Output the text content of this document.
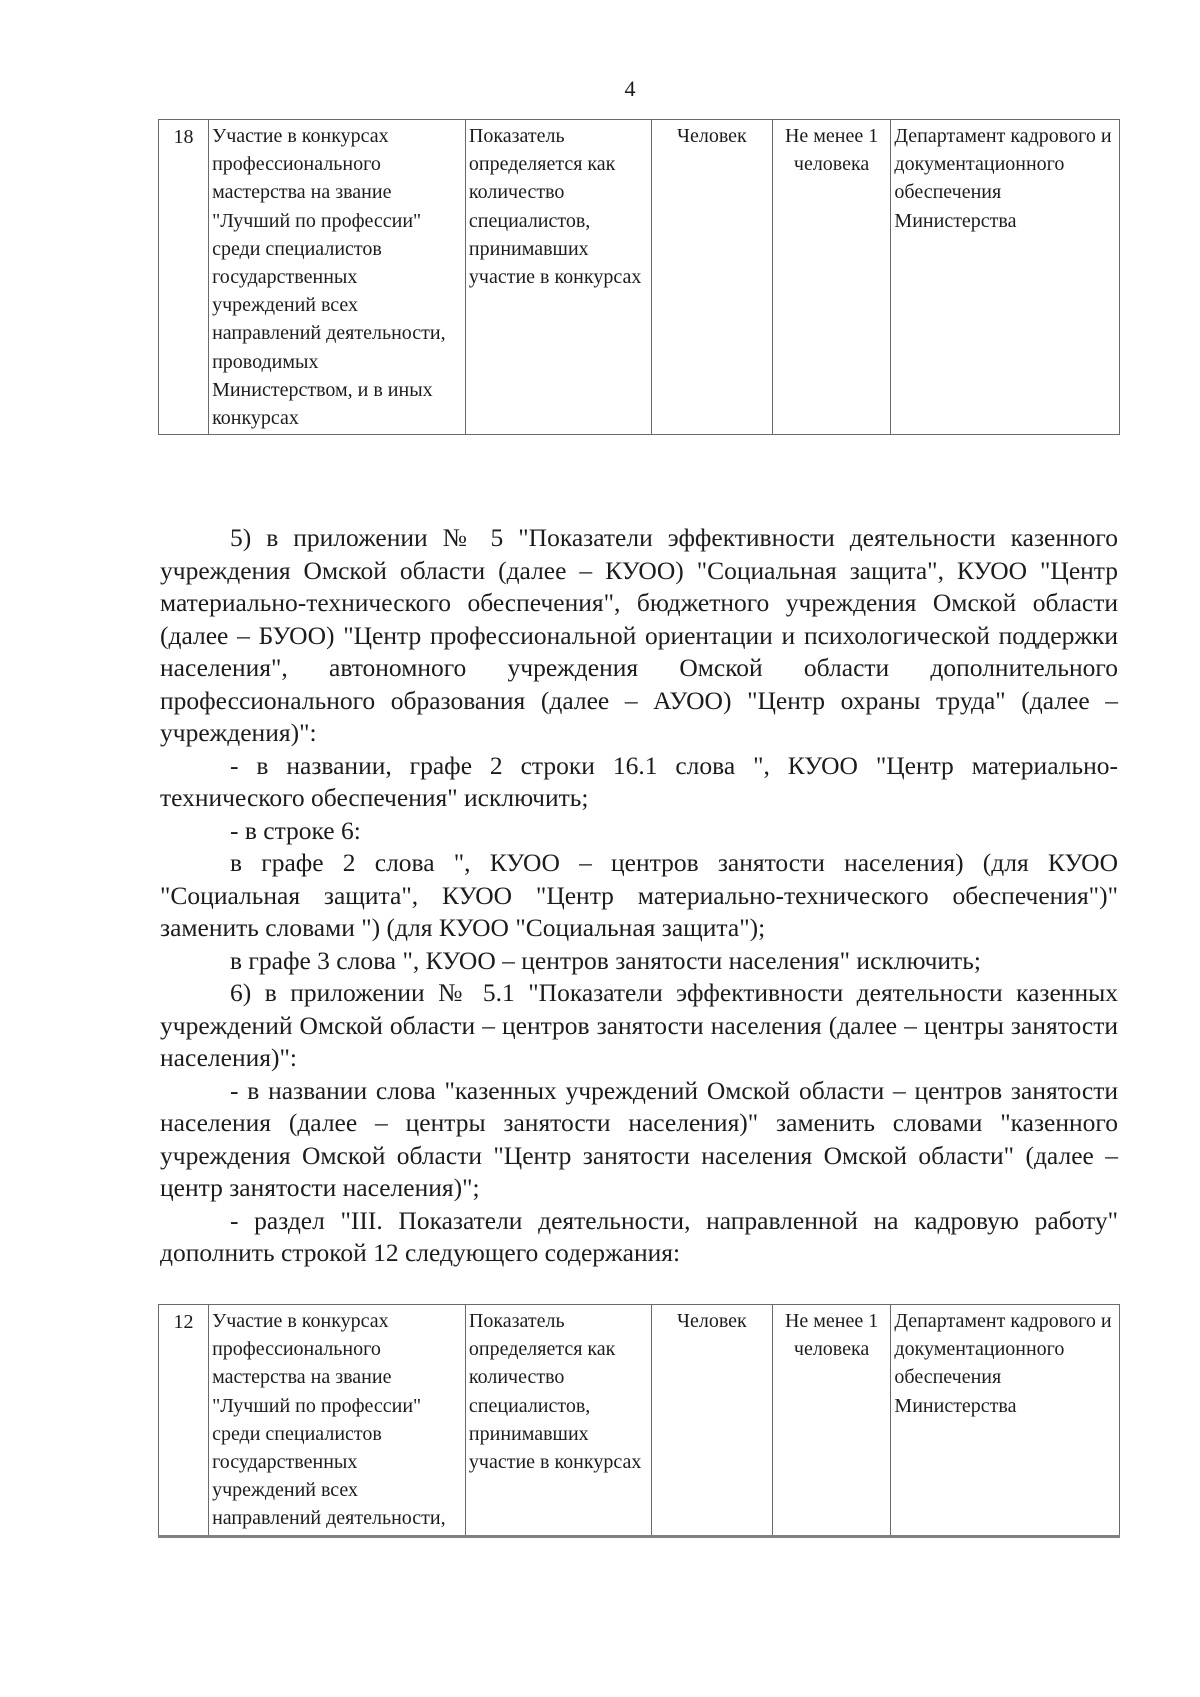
4
18	Участие в конкурсах профессионального мастерства на звание "Лучший по профессии" среди специалистов государственных учреждений всех направлений деятельности, проводимых Министерством, и в иных конкурсах	Показатель определяется как количество специалистов, принимавших участие в конкурсах	Человек	Не менее 1 человека	Департамент кадрового и документационного обеспечения Министерства

5) в приложении № 5 "Показатели эффективности деятельности казенного учреждения Омской области (далее – КУОО) "Социальная защита", КУОО "Центр материально-технического обеспечения", бюджетного учреждения Омской области (далее – БУОО) "Центр профессиональной ориентации и психологической поддержки населения", автономного учреждения Омской области дополнительного профессионального образования (далее – АУОО) "Центр охраны труда" (далее – учреждения)":

- в названии, графе 2 строки 16.1 слова ", КУОО "Центр материально-технического обеспечения" исключить;

- в строке 6:

в графе 2 слова ", КУОО – центров занятости населения) (для КУОО "Социальная защита", КУОО "Центр материально-технического обеспечения")" заменить словами ") (для КУОО "Социальная защита");

в графе 3 слова ", КУОО – центров занятости населения" исключить;

6) в приложении № 5.1 "Показатели эффективности деятельности казенных учреждений Омской области – центров занятости населения (далее – центры занятости населения)":

- в названии слова "казенных учреждений Омской области – центров занятости населения (далее – центры занятости населения)" заменить словами "казенного учреждения Омской области "Центр занятости населения Омской области" (далее – центр занятости населения)";

- раздел "III. Показатели деятельности, направленной на кадровую работу" дополнить строкой 12 следующего содержания:

12	Участие в конкурсах профессионального мастерства на звание "Лучший по профессии" среди специалистов государственных учреждений всех направлений деятельности,	Показатель определяется как количество специалистов, принимавших участие в конкурсах	Человек	Не менее 1 человека	Департамент кадрового и документационного обеспечения Министерства
